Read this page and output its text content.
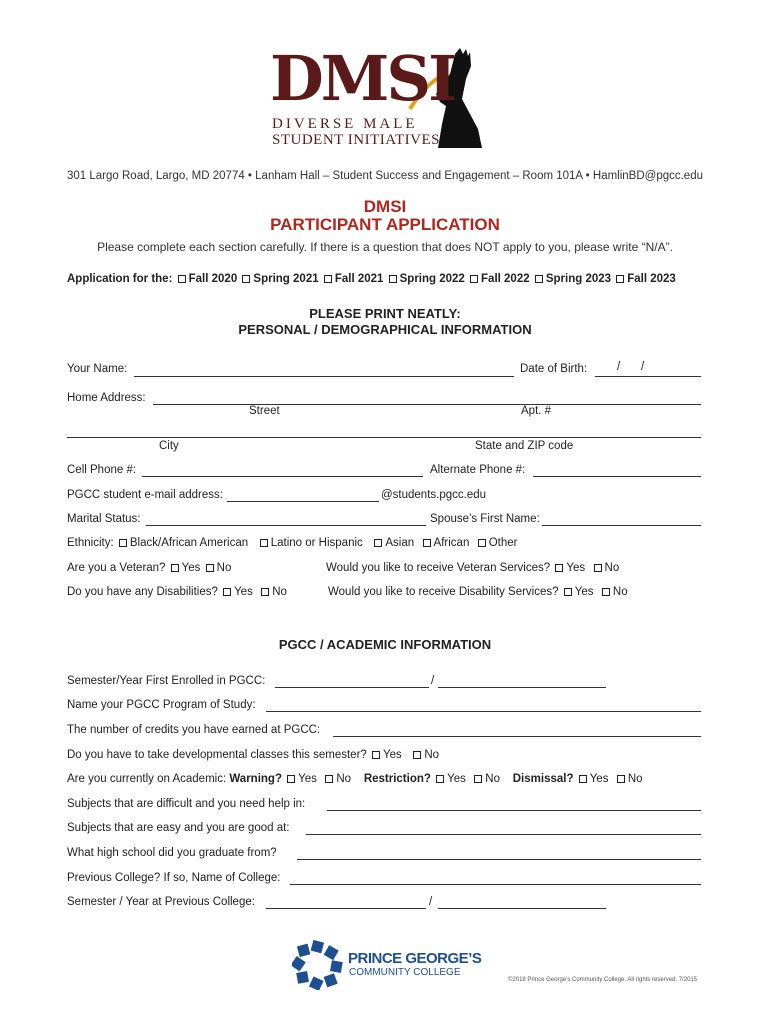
DMSI
DIVERSE MALE
STUDENT INITIATIVES
301 Largo Road, Largo, MD 20774 • Lanham Hall – Student Success and Engagement – Room 101A • HamlinBD@pgcc.edu
DMSI
PARTICIPANT APPLICATION
Please complete each section carefully. If there is a question that does NOT apply to you, please write “N/A”.
Application for the: Fall 2020 Spring 2021 Fall 2021 Spring 2022 Fall 2022 Spring 2023 Fall 2023
PLEASE PRINT NEATLY:
PERSONAL / DEMOGRAPHICAL INFORMATION
Your Name:	Date of Birth:	/ /
Home Address:
Street	Apt. #
City	State and ZIP code
Cell Phone #:	Alternate Phone #:
PGCC student e-mail address:	@students.pgcc.edu
Marital Status:	Spouse’s First Name:
Ethnicity: Black/African American Latino or Hispanic Asian African Other
Are you a Veteran? Yes No	Would you like to receive Veteran Services? Yes No
Do you have any Disabilities? Yes No	Would you like to receive Disability Services? Yes No
PGCC / ACADEMIC INFORMATION
Semester/Year First Enrolled in PGCC:	/
Name your PGCC Program of Study:
The number of credits you have earned at PGCC:
Do you have to take developmental classes this semester? Yes No
Are you currently on Academic: Warning? Yes No Restriction? Yes No Dismissal? Yes No
Subjects that are difficult and you need help in:
Subjects that are easy and you are good at:
What high school did you graduate from?
Previous College? If so, Name of College:
Semester / Year at Previous College:	/
PRINCE GEORGE’S
COMMUNITY COLLEGE
©2018 Prince George’s Community College. All rights reserved. 7/2015
